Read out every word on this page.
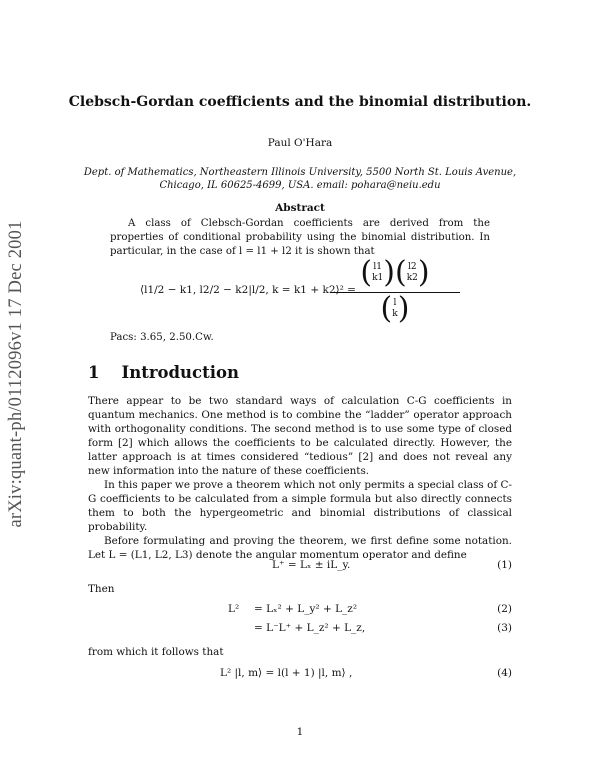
arXiv:quant-ph/0112096v1 17 Dec 2001
Clebsch-Gordan coefficients and the binomial distribution.
Paul O'Hara
Dept. of Mathematics, Northeastern Illinois University, 5500 North St. Louis Avenue,
Chicago, IL 60625-4699, USA. email: pohara@neiu.edu
Abstract
A class of Clebsch-Gordan coefficients are derived from the properties of conditional probability using the binomial distribution. In particular, in the case of l = l1 + l2 it is shown that
⟨l1/2 − k1, l2/2 − k2|l/2, k = k1 + k2⟩² = (l1
k1)(l2
k2)
(l
k)
Pacs: 3.65, 2.50.Cw.
1 Introduction

There appear to be two standard ways of calculation C-G coefficients in quantum mechanics. One method is to combine the “ladder” operator approach with orthogonality conditions. The second method is to use some type of closed form [2] which allows the coefficients to be calculated directly. However, the latter approach is at times considered “tedious” [2] and does not reveal any new information into the nature of these coefficients.

In this paper we prove a theorem which not only permits a special class of C-G coefficients to be calculated from a simple formula but also directly connects them to both the hypergeometric and binomial distributions of classical probability.

Before formulating and proving the theorem, we first define some notation. Let L = (L1, L2, L3) denote the angular momentum operator and define

L⁺ = Lₓ ± iL_y.	(1)
Then
L² = Lₓ² + L_y² + L_z²	(2)
= L⁻L⁺ + L_z² + L_z,	(3)
from which it follows that
L² |l, m⟩ = l(l + 1) |l, m⟩ ,	(4)
1
